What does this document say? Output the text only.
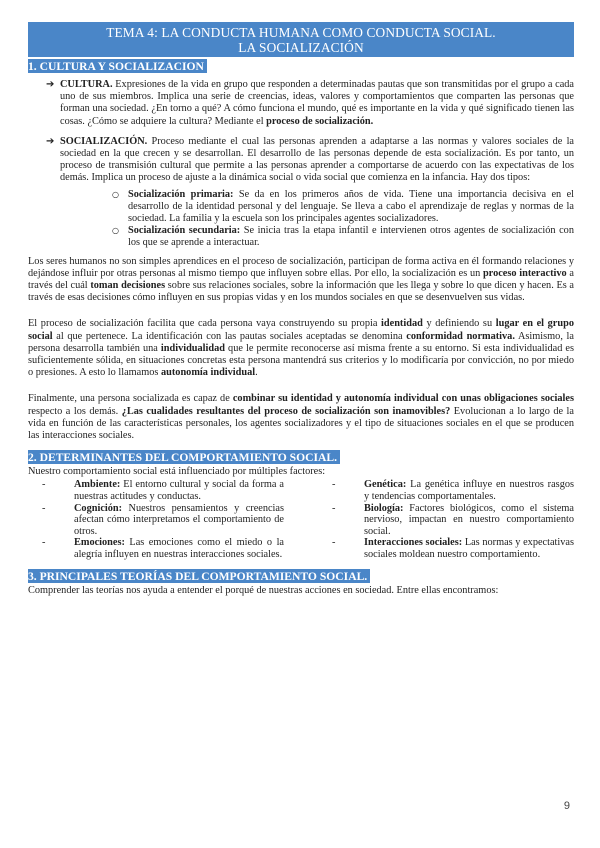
TEMA 4: LA CONDUCTA HUMANA COMO CONDUCTA SOCIAL.
LA SOCIALIZACIÓN
1. CULTURA Y SOCIALIZACION
➔ CULTURA. Expresiones de la vida en grupo que responden a determinadas pautas que son transmitidas por el grupo a cada uno de sus miembros. Implica una serie de creencias, ideas, valores y comportamientos que comparten las personas que forman una sociedad. ¿En torno a qué? A cómo funciona el mundo, qué es importante en la vida y qué significado tienen las cosas. ¿Cómo se adquiere la cultura? Mediante el proceso de socialización.

➔ SOCIALIZACIÓN. Proceso mediante el cual las personas aprenden a adaptarse a las normas y valores sociales de la sociedad en la que crecen y se desarrollan. El desarrollo de las personas depende de esta socialización. Es por tanto, un proceso de transmisión cultural que permite a las personas aprender a comportarse de acuerdo con las expectativas de los demás. Implica un proceso de ajuste a la dinámica social o vida social que comienza en la infancia. Hay dos tipos:

○ Socialización primaria: Se da en los primeros años de vida. Tiene una importancia decisiva en el desarrollo de la identidad personal y del lenguaje. Se lleva a cabo el aprendizaje de reglas y normas de la sociedad. La familia y la escuela son los principales agentes socializadores.

○ Socialización secundaria: Se inicia tras la etapa infantil e intervienen otros agentes de socialización con los que se aprende a interactuar.

Los seres humanos no son simples aprendices en el proceso de socialización, participan de forma activa en él formando relaciones y dejándose influir por otras personas al mismo tiempo que influyen sobre ellas. Por ello, la socialización es un proceso interactivo a través del cuál toman decisiones sobre sus relaciones sociales, sobre la información que les llega y sobre lo que dicen y hacen. Es a través de esas decisiones cómo influyen en sus propias vidas y en los mundos sociales en que se desenvuelven sus vidas.

El proceso de socialización facilita que cada persona vaya construyendo su propia identidad y definiendo su lugar en el grupo social al que pertenece. La identificación con las pautas sociales aceptadas se denomina conformidad normativa. Asimismo, la persona desarrolla también una individualidad que le permite reconocerse así misma frente a su entorno. Si esta individualidad es suficientemente sólida, en situaciones concretas esta persona mantendrá sus criterios y lo modificaría por convicción, no por miedo o presiones. A esto lo llamamos autonomía individual.

Finalmente, una persona socializada es capaz de combinar su identidad y autonomía individual con unas obligaciones sociales respecto a los demás. ¿Las cualidades resultantes del proceso de socialización son inamovibles? Evolucionan a lo largo de la vida en función de las características personales, los agentes socializadores y el tipo de situaciones sociales en el que se producen las interacciones sociales.

2. DETERMINANTES DEL COMPORTAMIENTO SOCIAL.

Nuestro comportamiento social está influenciado por múltiples factores:

-	Ambiente: El entorno cultural y social da forma a nuestras actitudes y conductas.
-	Cognición: Nuestros pensamientos y creencias afectan cómo interpretamos el comportamiento de otros.
-	Emociones: Las emociones como el miedo o la alegría influyen en nuestras interacciones sociales.
-	Genética: La genética influye en nuestros rasgos y tendencias comportamentales.
-	Biología: Factores biológicos, como el sistema nervioso, impactan en nuestro comportamiento social.
-	Interacciones sociales: Las normas y expectativas sociales moldean nuestro comportamiento.
3. PRINCIPALES TEORÍAS DEL COMPORTAMIENTO SOCIAL.

Comprender las teorías nos ayuda a entender el porqué de nuestras acciones en sociedad. Entre ellas encontramos:

9
